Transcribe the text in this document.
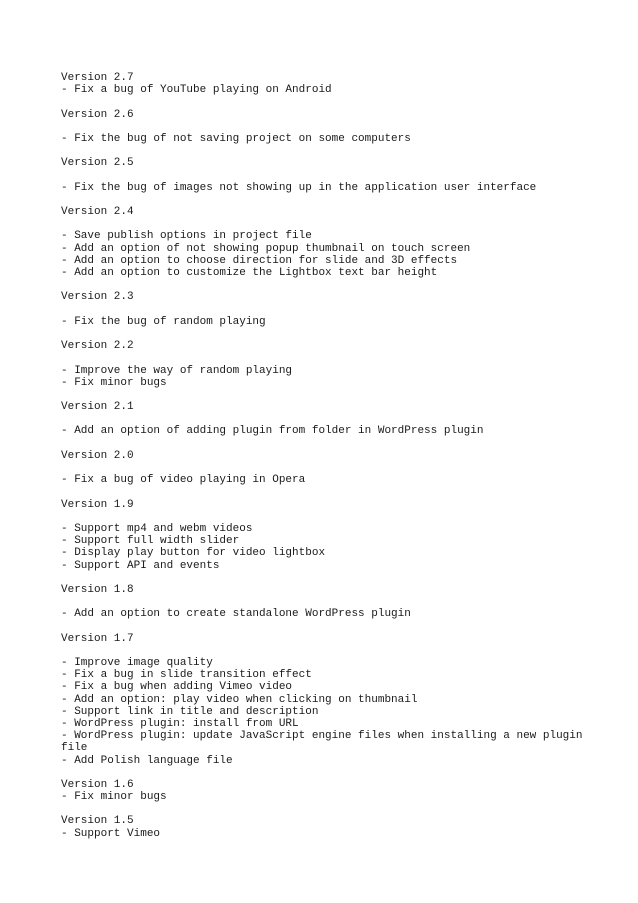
Version 2.7
- Fix a bug of YouTube playing on Android
Version 2.6
- Fix the bug of not saving project on some computers
Version 2.5
- Fix the bug of images not showing up in the application user interface
Version 2.4
- Save publish options in project file
- Add an option of not showing popup thumbnail on touch screen
- Add an option to choose direction for slide and 3D effects
- Add an option to customize the Lightbox text bar height
Version 2.3
- Fix the bug of random playing
Version 2.2
- Improve the way of random playing
- Fix minor bugs
Version 2.1
- Add an option of adding plugin from folder in WordPress plugin
Version 2.0
- Fix a bug of video playing in Opera
Version 1.9
- Support mp4 and webm videos
- Support full width slider
- Display play button for video lightbox
- Support API and events
Version 1.8
- Add an option to create standalone WordPress plugin
Version 1.7
- Improve image quality
- Fix a bug in slide transition effect
- Fix a bug when adding Vimeo video
- Add an option: play video when clicking on thumbnail
- Support link in title and description
- WordPress plugin: install from URL
- WordPress plugin: update JavaScript engine files when installing a new plugin
file
- Add Polish language file
Version 1.6
- Fix minor bugs
Version 1.5
- Support Vimeo
